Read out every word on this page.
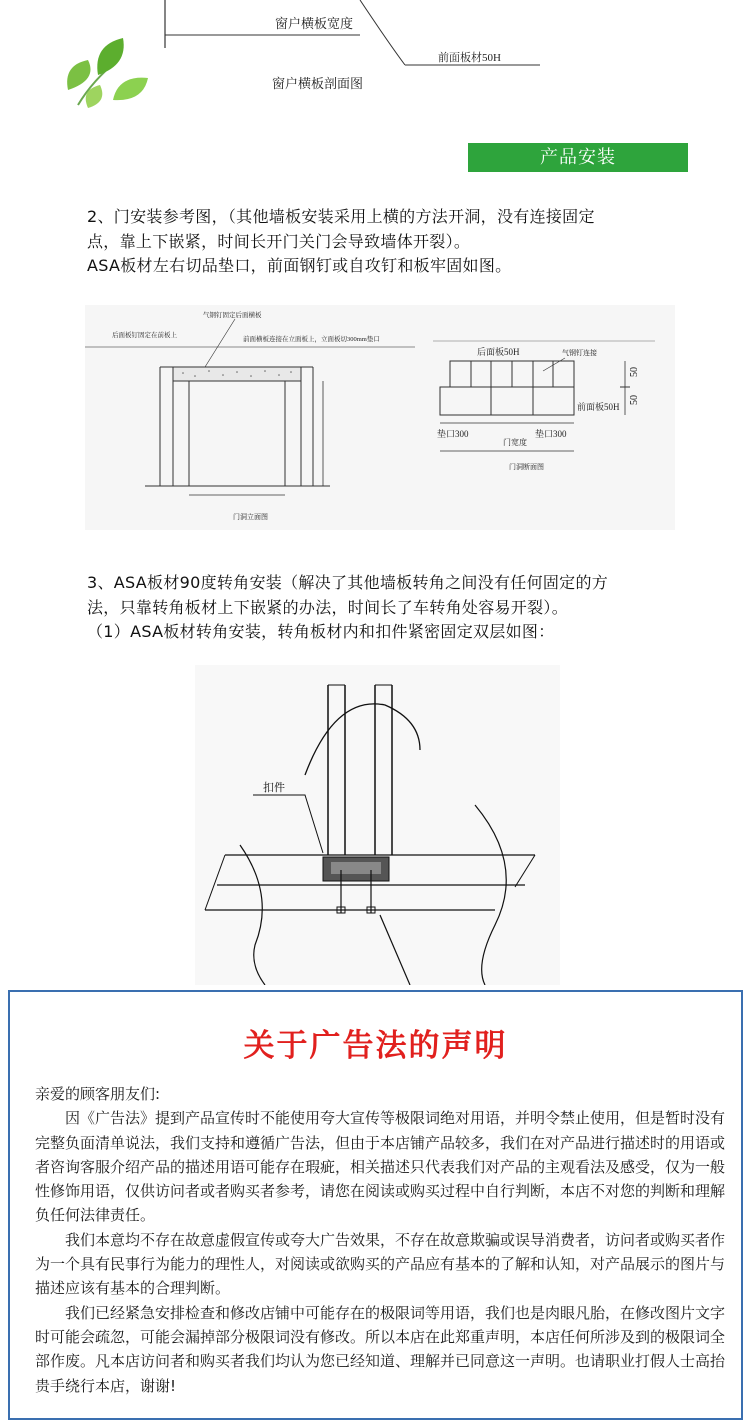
窗户横板宽度
前面板材50H
窗户横板剖面图
产品安装
2、门安装参考图，（其他墙板安装采用上横的方法开洞，没有连接固定
点，靠上下嵌紧，时间长开门关门会导致墙体开裂）。
ASA板材左右切品垫口，前面钢钉或自攻钉和板牢固如图。
气钢钉固定后面横板
后面板钉固定在前板上
前面横板连接在立面板上，立面板切300mm垫口
门洞立面图
50
50
后面板50H	气钢钉连接
前面板50H
垫口300	垫口300
门宽度
门洞断面图
3、ASA板材90度转角安装（解决了其他墙板转角之间没有任何固定的方
法，只靠转角板材上下嵌紧的办法，时间长了车转角处容易开裂）。
（1）ASA板材转角安装，转角板材内和扣件紧密固定双层如图：
扣件
关于广告法的声明

亲爱的顾客朋友们:

因《广告法》提到产品宣传时不能使用夸大宣传等极限词绝对用语，并明令禁止使用，但是暂时没有完整负面清单说法，我们支持和遵循广告法，但由于本店铺产品较多，我们在对产品进行描述时的用语或者咨询客服介绍产品的描述用语可能存在瑕疵，相关描述只代表我们对产品的主观看法及感受，仅为一般性修饰用语，仅供访问者或者购买者参考，请您在阅读或购买过程中自行判断，本店不对您的判断和理解负任何法律责任。

我们本意均不存在故意虚假宣传或夸大广告效果，不存在故意欺骗或误导消费者，访问者或购买者作为一个具有民事行为能力的理性人，对阅读或欲购买的产品应有基本的了解和认知，对产品展示的图片与描述应该有基本的合理判断。

我们已经紧急安排检查和修改店铺中可能存在的极限词等用语，我们也是肉眼凡胎，在修改图片文字时可能会疏忽，可能会漏掉部分极限词没有修改。所以本店在此郑重声明，本店任何所涉及到的极限词全部作废。凡本店访问者和购买者我们均认为您已经知道、理解并已同意这一声明。也请职业打假人士高抬贵手绕行本店，谢谢!
